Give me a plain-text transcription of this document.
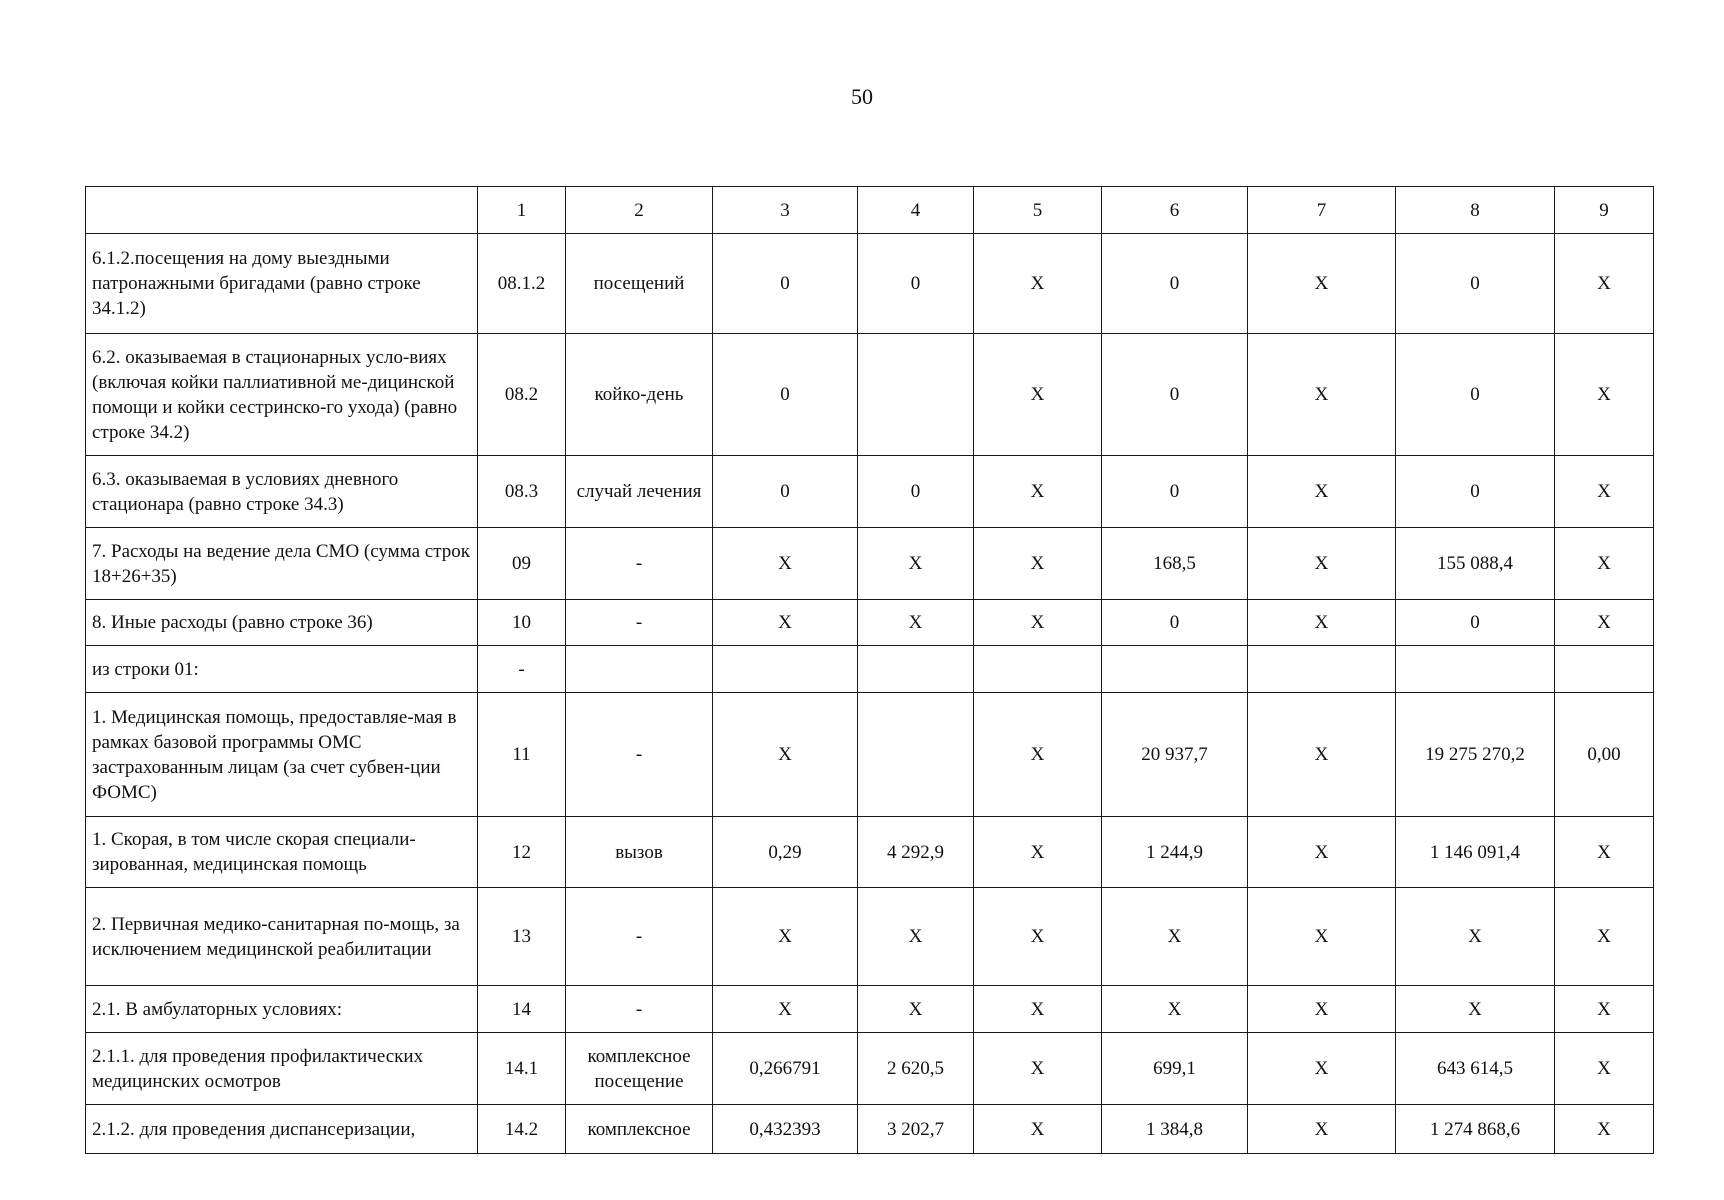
50
	1	2	3	4	5	6	7	8	9
6.1.2.посещения на дому выездными патронажными бригадами (равно строке 34.1.2)	08.1.2	посещений	0	0	X	0	X	0	X
6.2. оказываемая в стационарных усло-виях (включая койки паллиативной ме-дицинской помощи и койки сестринско-го ухода) (равно строке 34.2)	08.2	койко-день	0		X	0	X	0	X
6.3. оказываемая в условиях дневного стационара (равно строке 34.3)	08.3	случай лечения	0	0	X	0	X	0	X
7. Расходы на ведение дела СМО (сумма строк 18+26+35)	09	-	X	X	X	168,5	X	155 088,4	X
8. Иные расходы (равно строке 36)	10	-	X	X	X	0	X	0	X
из строки 01:	-								
1. Медицинская помощь, предоставляе-мая в рамках базовой программы ОМС застрахованным лицам (за счет субвен-ции ФОМС)	11	-	X		X	20 937,7	X	19 275 270,2	0,00
1. Скорая, в том числе скорая специали-зированная, медицинская помощь	12	вызов	0,29	4 292,9	X	1 244,9	X	1 146 091,4	X
2. Первичная медико-санитарная по-мощь, за исключением медицинской реабилитации	13	-	X	X	X	X	X	X	X
2.1. В амбулаторных условиях:	14	-	X	X	X	X	X	X	X
2.1.1. для проведения профилактических медицинских осмотров	14.1	комплексное посещение	0,266791	2 620,5	X	699,1	X	643 614,5	X
2.1.2. для проведения диспансеризации,	14.2	комплексное	0,432393	3 202,7	X	1 384,8	X	1 274 868,6	X
